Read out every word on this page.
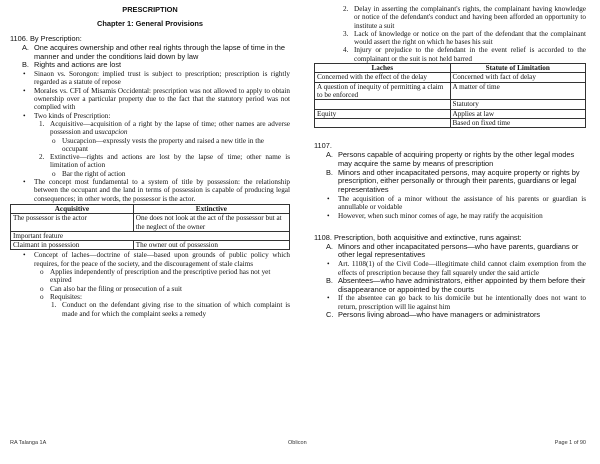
PRESCRIPTION
Chapter 1: General Provisions
1106. By Prescription:
A. One acquires ownership and other real rights through the lapse of time in the manner and under the conditions laid down by law
B. Rights and actions are lost
• Sinaon vs. Sorongon: implied trust is subject to prescription; prescription is rightly regarded as a statute of repose
• Morales vs. CFI of Misamis Occidental: prescription was not allowed to apply to obtain ownership over a particular property due to the fact that the statutory period was not complied with
• Two kinds of Prescription:
1. Acquisitive—acquisition of a right by the lapse of time; other names are adverse possession and usucapcion
o Usucapcion—expressly vests the property and raised a new title in the occupant
2. Extinctive—rights and actions are lost by the lapse of time; other name is limitation of action
o Bar the right of action
• The concept most fundamental to a system of title by possession: the relationship between the occupant and the land in terms of possession is capable of producing legal consequences; in other words, the possessor is the actor.
Acquisitive	Extinctive
The possessor is the actor	One does not look at the act of the possessor but at the neglect of the owner
Important feature	
Claimant in possession	The owner out of possession
• Concept of laches—doctrine of stale—based upon grounds of public policy which requires, for the peace of the society, and the discouragement of stale claims
o Applies independently of prescription and the prescriptive period has not yet expired
o Can also bar the filing or prosecution of a suit
o Requisites:
1. Conduct on the defendant giving rise to the situation of which complaint is made and for which the complaint seeks a remedy
2. Delay in asserting the complainant's rights, the complainant having knowledge or notice of the defendant's conduct and having been afforded an opportunity to institute a suit
3. Lack of knowledge or notice on the part of the defendant that the complainant would assert the right on which he bases his suit
4. Injury or prejudice to the defendant in the event relief is accorded to the complainant or the suit is not held barred
Laches	Statute of Limitation
Concerned with the effect of the delay	Concerned with fact of delay
A question of inequity of permitting a claim to be enforced	A matter of time
	Statutory
Equity	Applies at law
	Based on fixed time
1107.
A. Persons capable of acquiring property or rights by the other legal modes may acquire the same by means of prescription
B. Minors and other incapacitated persons, may acquire property or rights by prescription, either personally or through their parents, guardians or legal representatives
• The acquisition of a minor without the assistance of his parents or guardian is annullable or voidable
• However, when such minor comes of age, he may ratify the acquisition
1108. Prescription, both acquisitive and extinctive, runs against:
A. Minors and other incapacitated persons—who have parents, guardians or other legal representatives
• Art. 1108(1) of the Civil Code—illegitimate child cannot claim exemption from the effects of prescription because they fall squarely under the said article
B. Absentees—who have administrators, either appointed by them before their disappearance or appointed by the courts
• If the absentee can go back to his domicile but he intentionally does not want to return, prescription will lie against him
C. Persons living abroad—who have managers or administrators
RA Talanga 1A	Oblicon	Page 1 of 90
